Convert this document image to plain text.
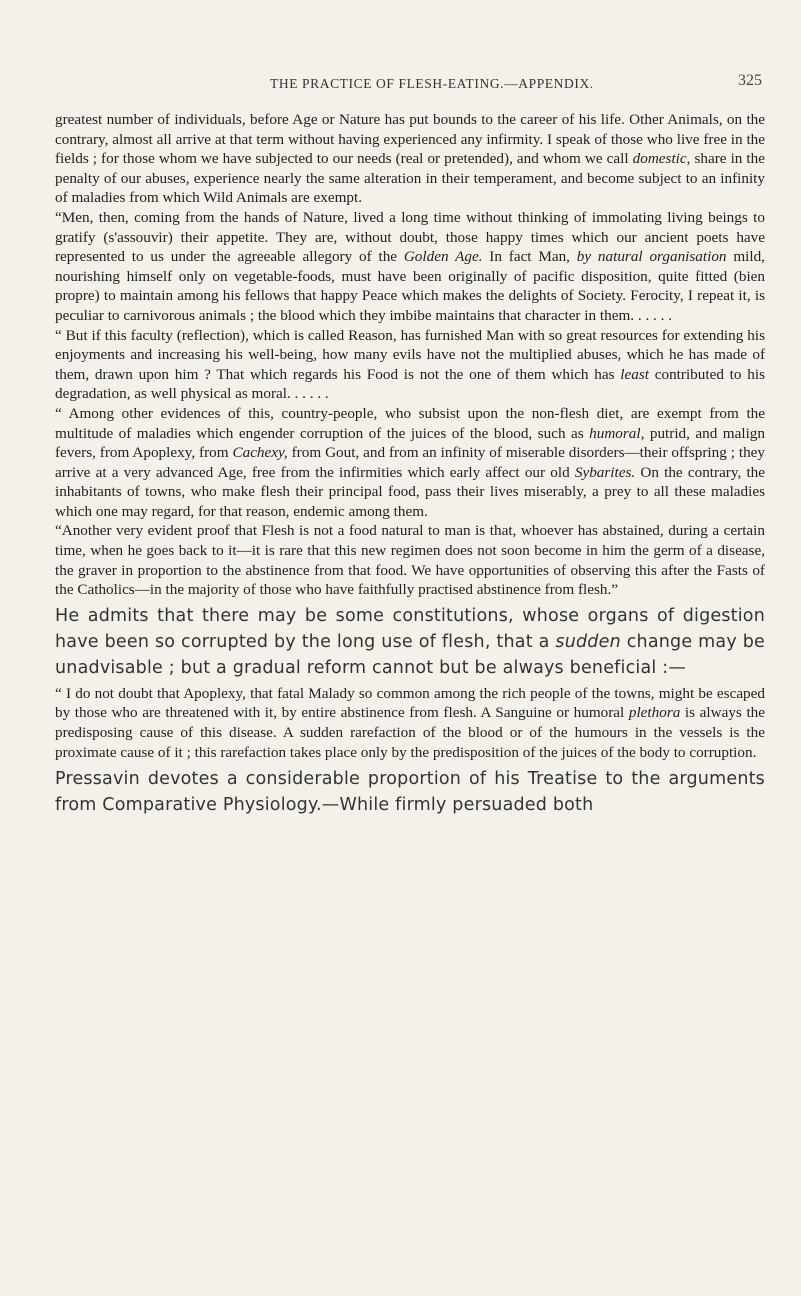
THE PRACTICE OF FLESH-EATING.—APPENDIX.	325

greatest number of individuals, before Age or Nature has put bounds to the career of his life. Other Animals, on the contrary, almost all arrive at that term without having experienced any infirmity. I speak of those who live free in the fields ; for those whom we have subjected to our needs (real or pretended), and whom we call domestic, share in the penalty of our abuses, experience nearly the same alteration in their temperament, and become subject to an infinity of maladies from which Wild Animals are exempt.

“Men, then, coming from the hands of Nature, lived a long time without thinking of immolating living beings to gratify (s'assouvir) their appetite. They are, without doubt, those happy times which our ancient poets have represented to us under the agreeable allegory of the Golden Age. In fact Man, by natural organisation mild, nourishing himself only on vegetable-foods, must have been originally of pacific disposition, quite fitted (bien propre) to maintain among his fellows that happy Peace which makes the delights of Society. Ferocity, I repeat it, is peculiar to carnivorous animals ; the blood which they imbibe maintains that character in them. . . . . .

“ But if this faculty (reflection), which is called Reason, has furnished Man with so great resources for extending his enjoyments and increasing his well-being, how many evils have not the multiplied abuses, which he has made of them, drawn upon him ? That which regards his Food is not the one of them which has least contributed to his degradation, as well physical as moral. . . . . .

“ Among other evidences of this, country-people, who subsist upon the non-flesh diet, are exempt from the multitude of maladies which engender corruption of the juices of the blood, such as humoral, putrid, and malign fevers, from Apoplexy, from Cachexy, from Gout, and from an infinity of miserable disorders—their offspring ; they arrive at a very advanced Age, free from the infirmities which early affect our old Sybarites. On the contrary, the inhabitants of towns, who make flesh their principal food, pass their lives miserably, a prey to all these maladies which one may regard, for that reason, endemic among them.

“Another very evident proof that Flesh is not a food natural to man is that, whoever has abstained, during a certain time, when he goes back to it—it is rare that this new regimen does not soon become in him the germ of a disease, the graver in proportion to the abstinence from that food. We have opportunities of observing this after the Fasts of the Catholics—in the majority of those who have faithfully practised abstinence from flesh.”

He admits that there may be some constitutions, whose organs of digestion have been so corrupted by the long use of flesh, that a sudden change may be unadvisable ; but a gradual reform cannot but be always beneficial :—

“ I do not doubt that Apoplexy, that fatal Malady so common among the rich people of the towns, might be escaped by those who are threatened with it, by entire abstinence from flesh. A Sanguine or humoral plethora is always the predisposing cause of this disease. A sudden rarefaction of the blood or of the humours in the vessels is the proximate cause of it ; this rarefaction takes place only by the predisposition of the juices of the body to corruption.

Pressavin devotes a considerable proportion of his Treatise to the arguments from Comparative Physiology.—While firmly persuaded both
